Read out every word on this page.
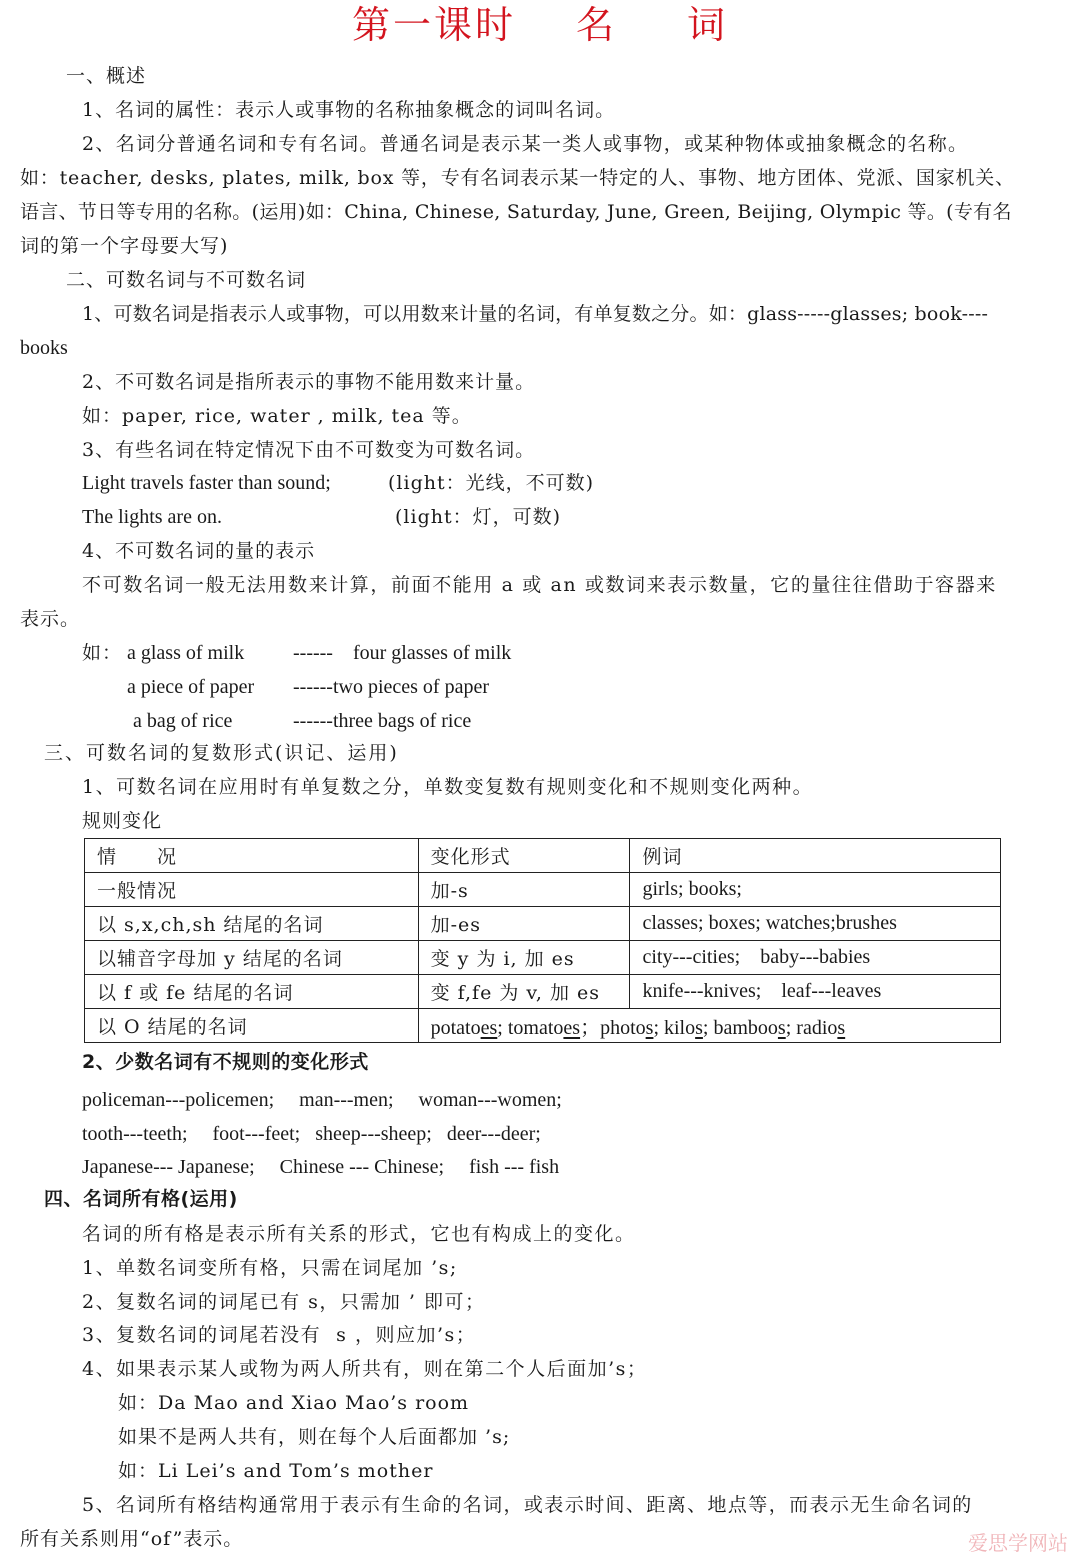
第一课时 名 词
一、概述
1、名词的属性：表示人或事物的名称抽象概念的词叫名词。
2、名词分普通名词和专有名词。普通名词是表示某一类人或事物，或某种物体或抽象概念的名称。
如：teacher, desks, plates, milk, box 等，专有名词表示某一特定的人、事物、地方团体、党派、国家机关、
语言、节日等专用的名称。(运用)如：China, Chinese, Saturday, June, Green, Beijing, Olympic 等。(专有名
词的第一个字母要大写)
二、可数名词与不可数名词
1、可数名词是指表示人或事物，可以用数来计量的名词，有单复数之分。如：glass-----glasses; book----
books
2、不可数名词是指所表示的事物不能用数来计量。
如：paper, rice, water , milk, tea 等。
3、有些名词在特定情况下由不可数变为可数名词。
Light travels faster than sound;	(light：光线，不可数)
The lights are on.	(light：灯，可数)
4、不可数名词的量的表示
不可数名词一般无法用数来计算，前面不能用 a 或 an 或数词来表示数量，它的量往往借助于容器来
表示。
如： a glass of milk ------    four glasses of milk
a piece of paper ------two pieces of paper
a bag of rice	------three bags of rice
三、可数名词的复数形式(识记、运用)
1、可数名词在应用时有单复数之分，单数变复数有规则变化和不规则变化两种。
规则变化
情　　况	变化形式	例词
一般情况	加-s	girls; books;
以 s,x,ch,sh 结尾的名词	加-es	classes; boxes; watches;brushes
以辅音字母加 y 结尾的名词	变 y 为 i, 加 es	city---cities;    baby---babies
以 f 或 fe 结尾的名词	变 f,fe 为 v, 加 es	knife---knives;    leaf---leaves
以 O 结尾的名词	potatoes; tomatoes；photos; kilos; bamboos; radios	
2、少数名词有不规则的变化形式
policeman---policemen;     man---men;     woman---women;
tooth---teeth;     foot---feet;   sheep---sheep;   deer---deer;
Japanese--- Japanese;     Chinese --- Chinese;     fish --- fish
四、名词所有格(运用)
名词的所有格是表示所有关系的形式，它也有构成上的变化。
1、单数名词变所有格，只需在词尾加 ’s;
2、复数名词的词尾已有 s，只需加 ’ 即可；
3、复数名词的词尾若没有  s ，则应加’s；
4、如果表示某人或物为两人所共有，则在第二个人后面加’s；
如：Da Mao and Xiao Mao’s room
如果不是两人共有，则在每个人后面都加 ’s;
如：Li Lei’s and Tom’s mother
5、名词所有格结构通常用于表示有生命的名词，或表示时间、距离、地点等，而表示无生命名词的
所有关系则用“of”表示。	爱思学网站
